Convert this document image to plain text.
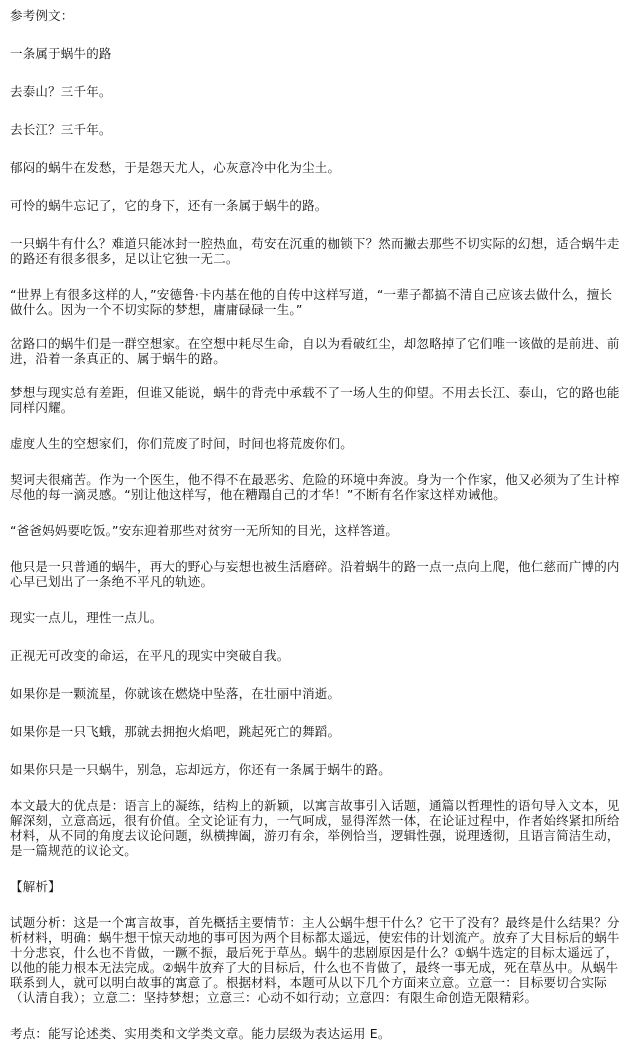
参考例文：

一条属于蜗牛的路

去泰山？三千年。

去长江？三千年。

郁闷的蜗牛在发愁，于是怨天尤人，心灰意冷中化为尘土。

可怜的蜗牛忘记了，它的身下，还有一条属于蜗牛的路。

一只蜗牛有什么？难道只能冰封一腔热血，苟安在沉重的枷锁下？然而撇去那些不切实际的幻想，适合蜗牛走的路还有很多很多，足以让它独一无二。

“世界上有很多这样的人，”安德鲁·卡内基在他的自传中这样写道，“一辈子都搞不清自己应该去做什么，擅长做什么。因为一个不切实际的梦想，庸庸碌碌一生。”

岔路口的蜗牛们是一群空想家。在空想中耗尽生命，自以为看破红尘，却忽略掉了它们唯一该做的是前进、前进，沿着一条真正的、属于蜗牛的路。

梦想与现实总有差距，但谁又能说，蜗牛的背壳中承载不了一场人生的仰望。不用去长江、泰山，它的路也能同样闪耀。

虚度人生的空想家们，你们荒废了时间，时间也将荒废你们。

契诃夫很痛苦。作为一个医生，他不得不在最恶劣、危险的环境中奔波。身为一个作家，他又必须为了生计榨尽他的每一滴灵感。“别让他这样写，他在糟蹋自己的才华！”不断有名作家这样劝诫他。

“爸爸妈妈要吃饭。”安东迎着那些对贫穷一无所知的目光，这样答道。

他只是一只普通的蜗牛，再大的野心与妄想也被生活磨碎。沿着蜗牛的路一点一点向上爬，他仁慈而广博的内心早已划出了一条绝不平凡的轨迹。

现实一点儿，理性一点儿。

正视无可改变的命运，在平凡的现实中突破自我。

如果你是一颗流星，你就该在燃烧中坠落，在壮丽中消逝。

如果你是一只飞蛾，那就去拥抱火焰吧，跳起死亡的舞蹈。

如果你只是一只蜗牛，别急，忘却远方，你还有一条属于蜗牛的路。

本文最大的优点是：语言上的凝练，结构上的新颖，以寓言故事引入话题，通篇以哲理性的语句导入文本，见解深刻，立意高远，很有价值。全文论证有力，一气呵成，显得浑然一体，在论证过程中，作者始终紧扣所给材料，从不同的角度去议论问题，纵横捭阖，游刃有余，举例恰当，逻辑性强，说理透彻，且语言简洁生动，是一篇规范的议论文。

【解析】

试题分析：这是一个寓言故事，首先概括主要情节：主人公蜗牛想干什么？它干了没有？最终是什么结果？分析材料，明确：蜗牛想干惊天动地的事可因为两个目标都太遥远，使宏伟的计划流产。放弃了大目标后的蜗牛十分悲哀，什么也不肯做，一蹶不振，最后死于草丛。蜗牛的悲剧原因是什么？①蜗牛选定的目标太遥远了，以他的能力根本无法完成。②蜗牛放弃了大的目标后，什么也不肯做了，最终一事无成，死在草丛中。从蜗牛联系到人，就可以明白故事的寓意了。根据材料，本题可从以下几个方面来立意。立意一：目标要切合实际（认清自我）；立意二：坚持梦想；立意三：心动不如行动；立意四：有限生命创造无限精彩。

考点：能写论述类、实用类和文学类文章。能力层级为表达运用 E。
